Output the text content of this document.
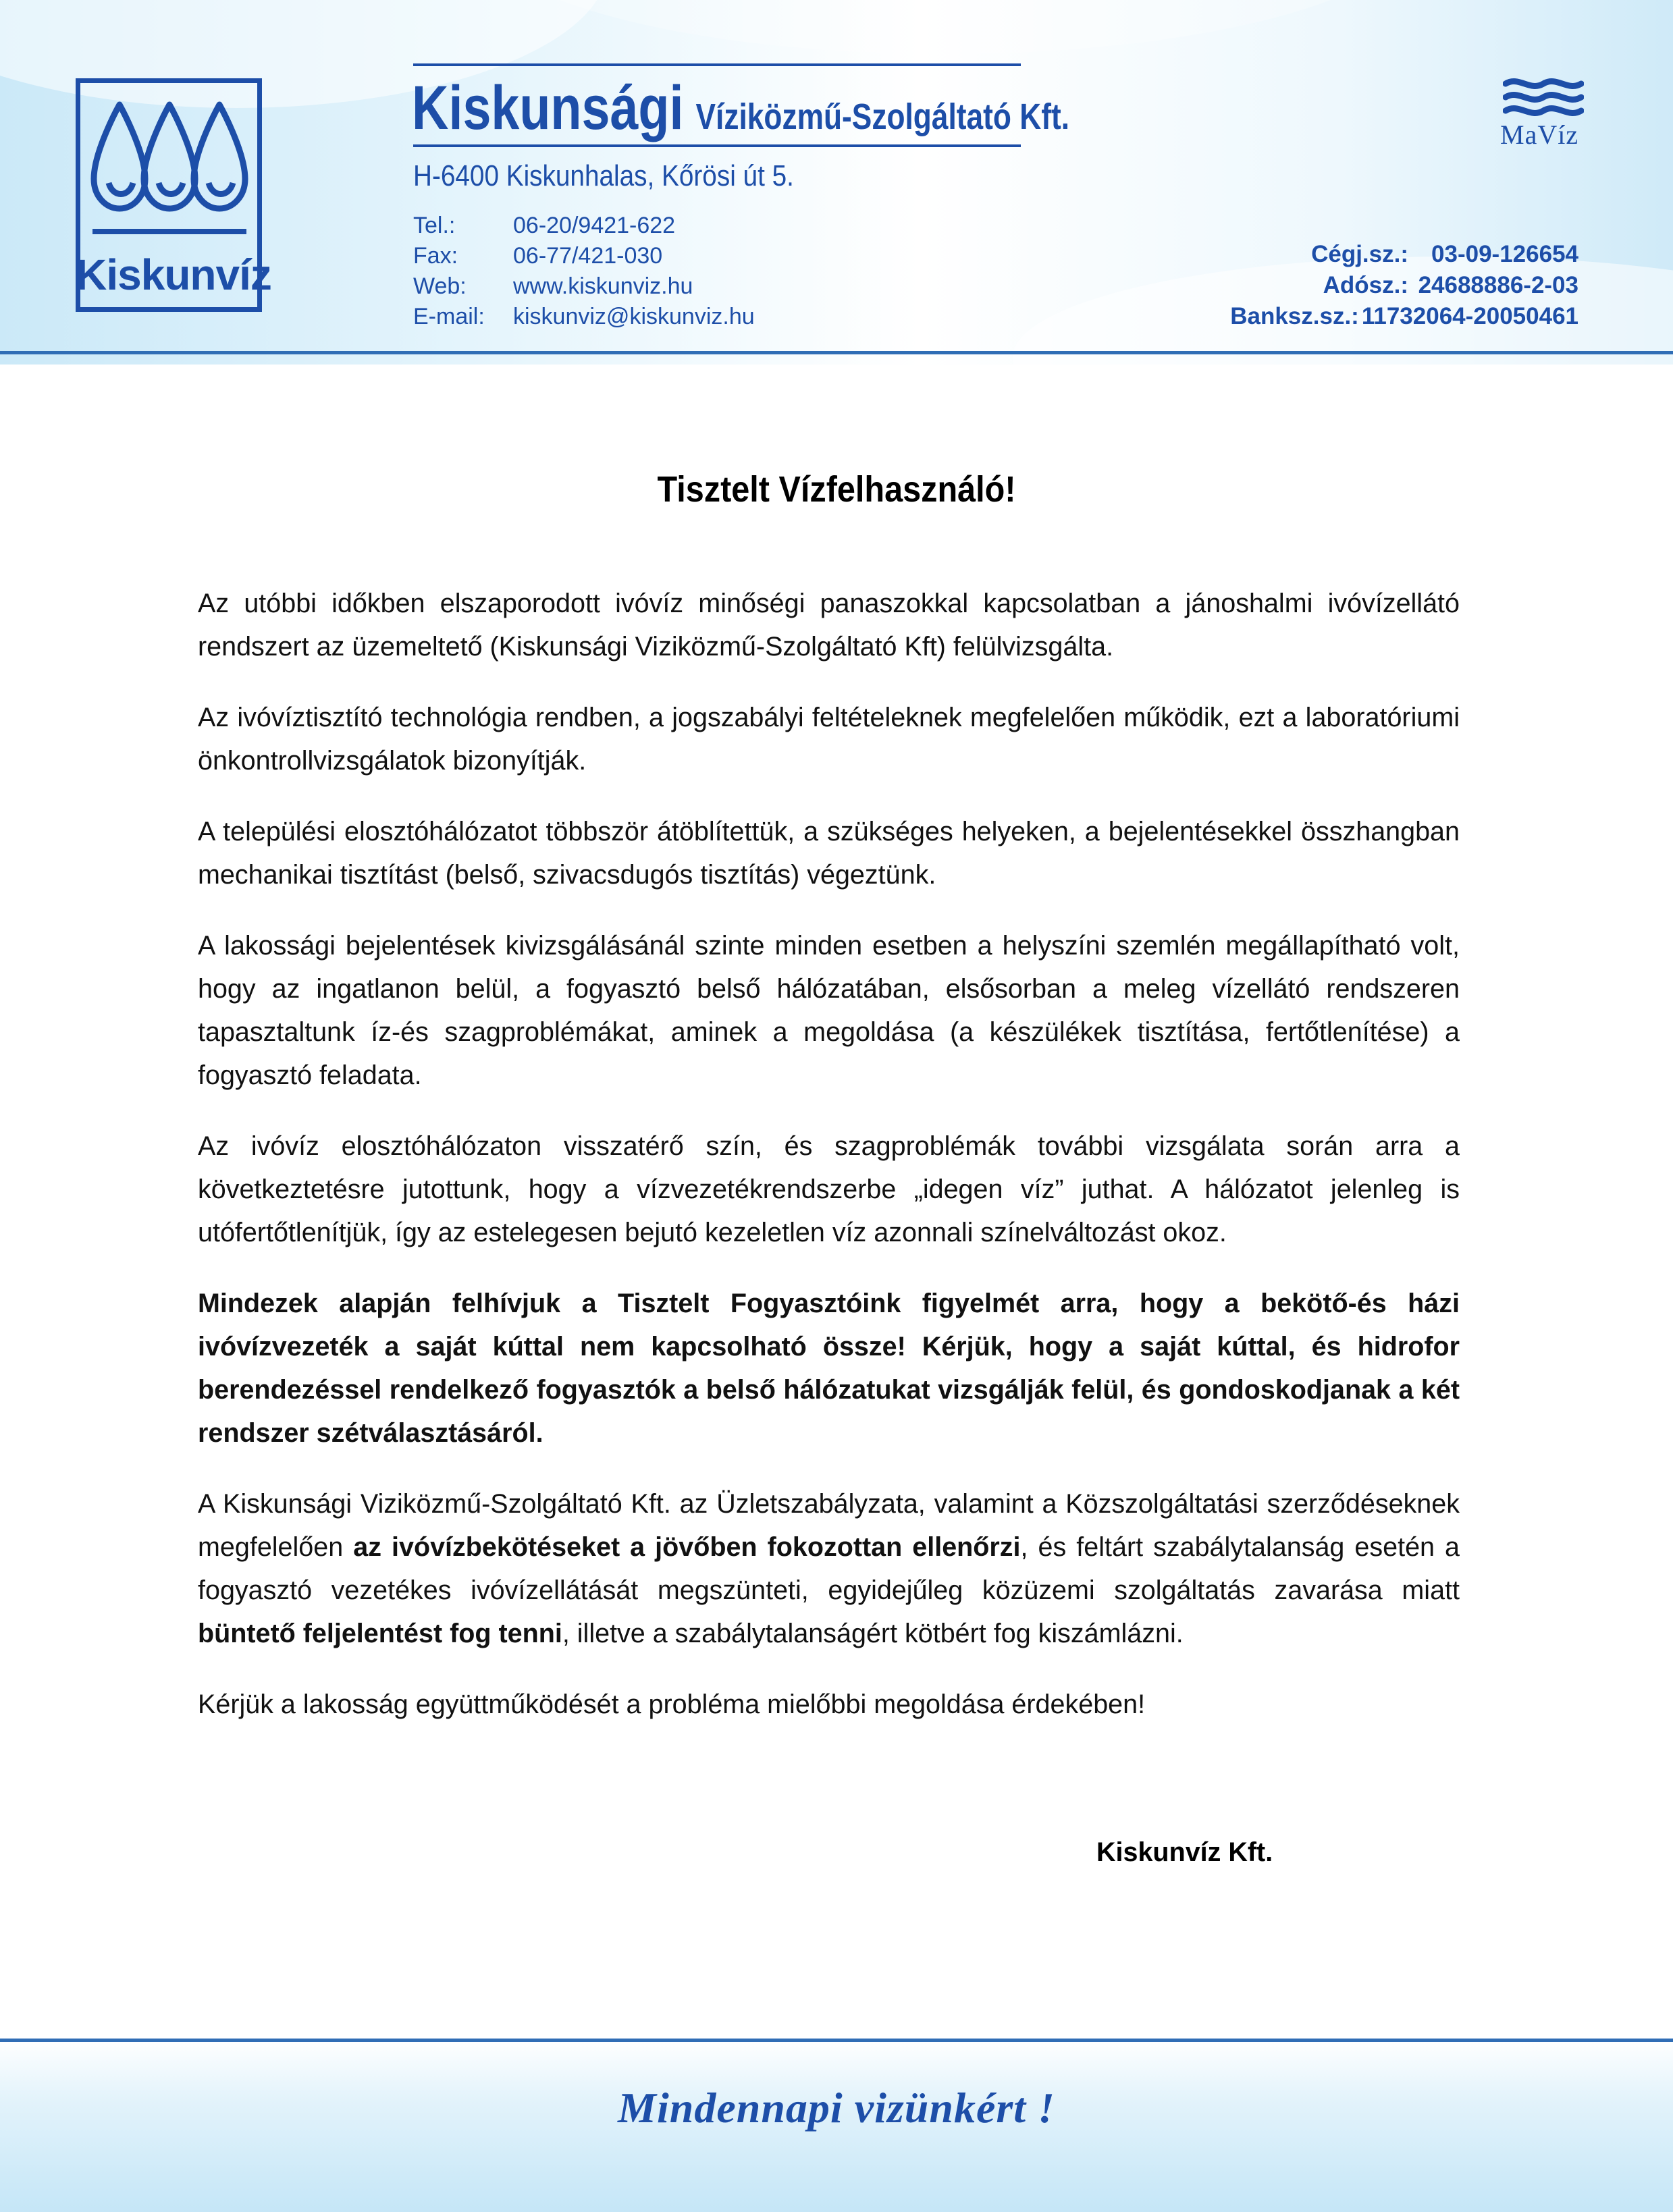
Kiskunvíz
Kiskunsági Víziközmű-Szolgáltató Kft.
H-6400 Kiskunhalas, Kőrösi út 5.
Tel.:	06-20/9421-622
Fax:	06-77/421-030
Web:	www.kiskunviz.hu
E-mail:	kiskunviz@kiskunviz.hu
MaVíz
Cégj.sz.: 03-09-126654
Adósz.: 24688886-2-03
Banksz.sz.: 11732064-20050461
Tisztelt Vízfelhasználó!

Az utóbbi időkben elszaporodott ivóvíz minőségi panaszokkal kapcsolatban a jánoshalmi ivóvízellátó rendszert az üzemeltető (Kiskunsági Viziközmű-Szolgáltató Kft) felülvizsgálta.

Az ivóvíztisztító technológia rendben, a jogszabályi feltételeknek megfelelően működik, ezt a laboratóriumi önkontrollvizsgálatok bizonyítják.

A települési elosztóhálózatot többször átöblítettük, a szükséges helyeken, a bejelentésekkel összhangban mechanikai tisztítást (belső, szivacsdugós tisztítás) végeztünk.

A lakossági bejelentések kivizsgálásánál szinte minden esetben a helyszíni szemlén megállapítható volt, hogy az ingatlanon belül, a fogyasztó belső hálózatában, elsősorban a meleg vízellátó rendszeren tapasztaltunk íz-és szagproblémákat, aminek a megoldása (a készülékek tisztítása, fertőtlenítése) a fogyasztó feladata.

Az ivóvíz elosztóhálózaton visszatérő szín, és szagproblémák további vizsgálata során arra a következtetésre jutottunk, hogy a vízvezetékrendszerbe „idegen víz” juthat. A hálózatot jelenleg is utófertőtlenítjük, így az estelegesen bejutó kezeletlen víz azonnali színelváltozást okoz.

Mindezek alapján felhívjuk a Tisztelt Fogyasztóink figyelmét arra, hogy a bekötő-és házi ivóvízvezeték a saját kúttal nem kapcsolható össze! Kérjük, hogy a saját kúttal, és hidrofor berendezéssel rendelkező fogyasztók a belső hálózatukat vizsgálják felül, és gondoskodjanak a két rendszer szétválasztásáról.

A Kiskunsági Viziközmű-Szolgáltató Kft. az Üzletszabályzata, valamint a Közszolgáltatási szerződéseknek megfelelően az ivóvízbekötéseket a jövőben fokozottan ellenőrzi, és feltárt szabálytalanság esetén a fogyasztó vezetékes ivóvízellátását megszünteti, egyidejűleg közüzemi szolgáltatás zavarása miatt büntető feljelentést fog tenni, illetve a szabálytalanságért kötbért fog kiszámlázni.

Kérjük a lakosság együttműködését a probléma mielőbbi megoldása érdekében!

Kiskunvíz Kft.
Mindennapi vizünkért !
